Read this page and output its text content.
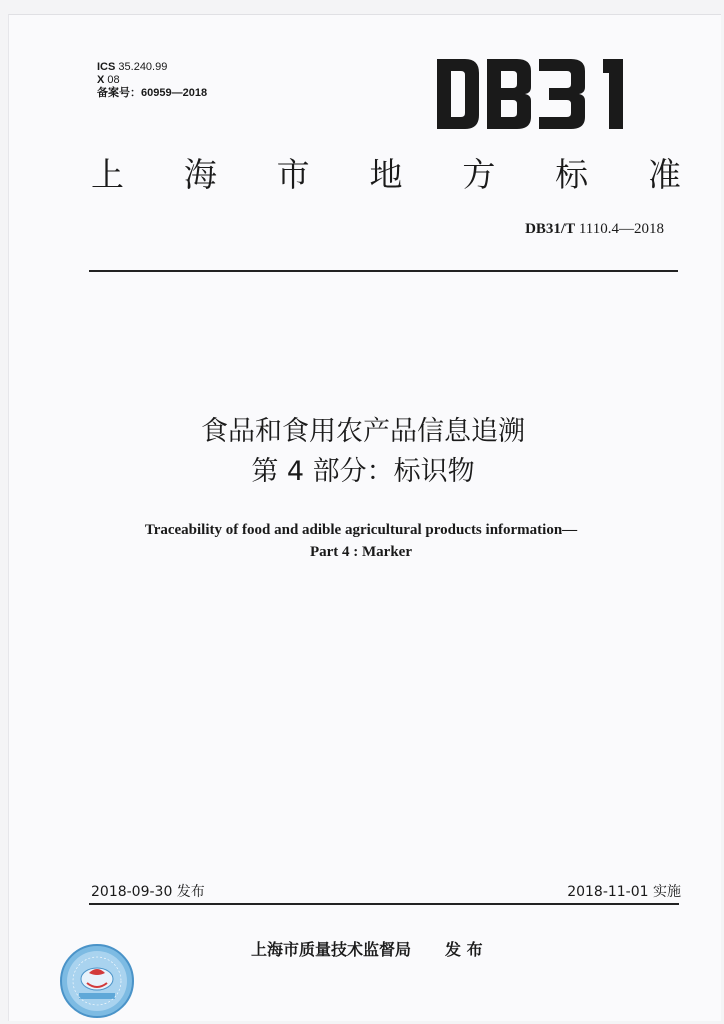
ICS 35.240.99
X 08
备案号：60959—2018
上 海 市 地 方 标 准
DB31/T 1110.4—2018
食品和食用农产品信息追溯
第 4 部分：标识物
Traceability of food and adible agricultural products information—
Part 4 : Marker
2018-09-30 发布	2018-11-01 实施
上海市质量技术监督局 发 布
